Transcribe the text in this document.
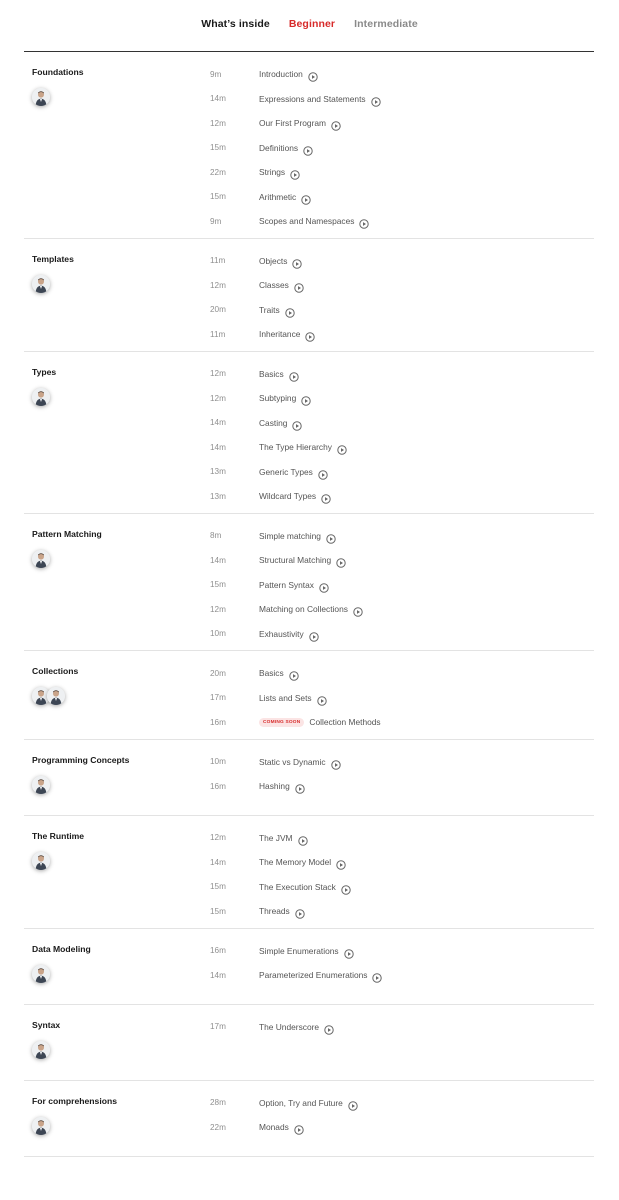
What’s inside Beginner Intermediate
Foundations	9m	Introduction
14m	Expressions and Statements
12m	Our First Program
15m	Definitions
22m	Strings
15m	Arithmetic
9m	Scopes and Namespaces
Templates	11m	Objects
12m	Classes
20m	Traits
11m	Inheritance
Types	12m	Basics
12m	Subtyping
14m	Casting
14m	The Type Hierarchy
13m	Generic Types
13m	Wildcard Types
Pattern Matching	8m	Simple matching
14m	Structural Matching
15m	Pattern Syntax
12m	Matching on Collections
10m	Exhaustivity
Collections	20m	Basics
17m	Lists and Sets
16m	COMING SOON	Collection Methods
Programming Concepts	10m	Static vs Dynamic
16m	Hashing
The Runtime	12m	The JVM
14m	The Memory Model
15m	The Execution Stack
15m	Threads
Data Modeling	16m	Simple Enumerations
14m	Parameterized Enumerations
Syntax	17m	The Underscore
For comprehensions	28m	Option, Try and Future
22m	Monads
